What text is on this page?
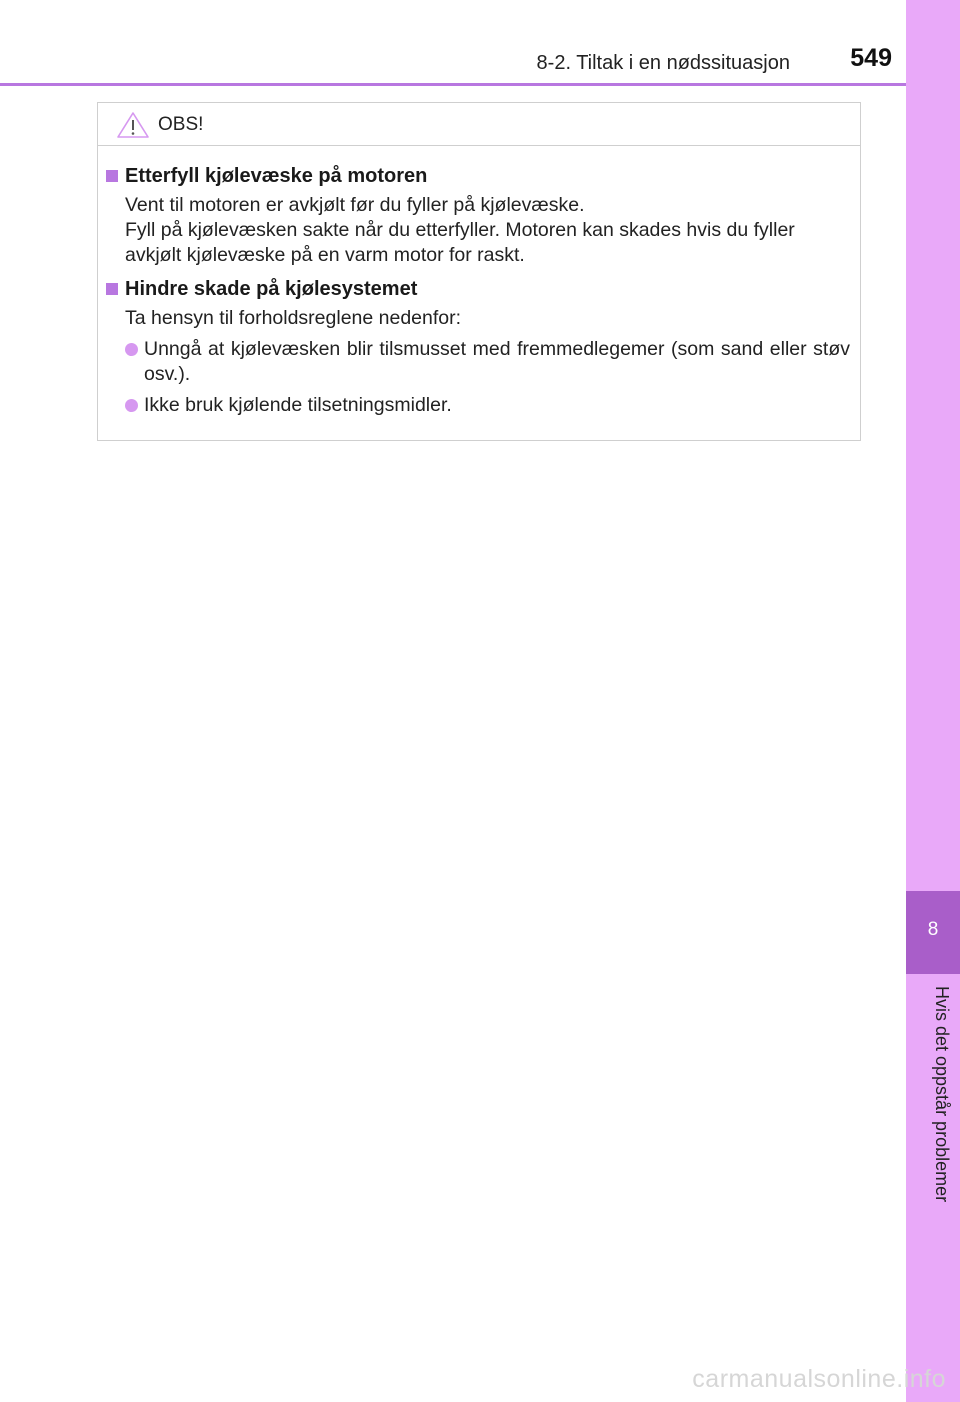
8-2. Tiltak i en nødssituasjon 549
8
Hvis det oppstår problemer
OBS!
Etterfyll kjølevæske på motoren
Vent til motoren er avkjølt før du fyller på kjølevæske.
Fyll på kjølevæsken sakte når du etterfyller. Motoren kan skades hvis du fyller avkjølt kjølevæske på en varm motor for raskt.
Hindre skade på kjølesystemet
Ta hensyn til forholdsreglene nedenfor:
Unngå at kjølevæsken blir tilsmusset med fremmedlegemer (som sand eller støv osv.).
Ikke bruk kjølende tilsetningsmidler.
carmanualsonline.info
